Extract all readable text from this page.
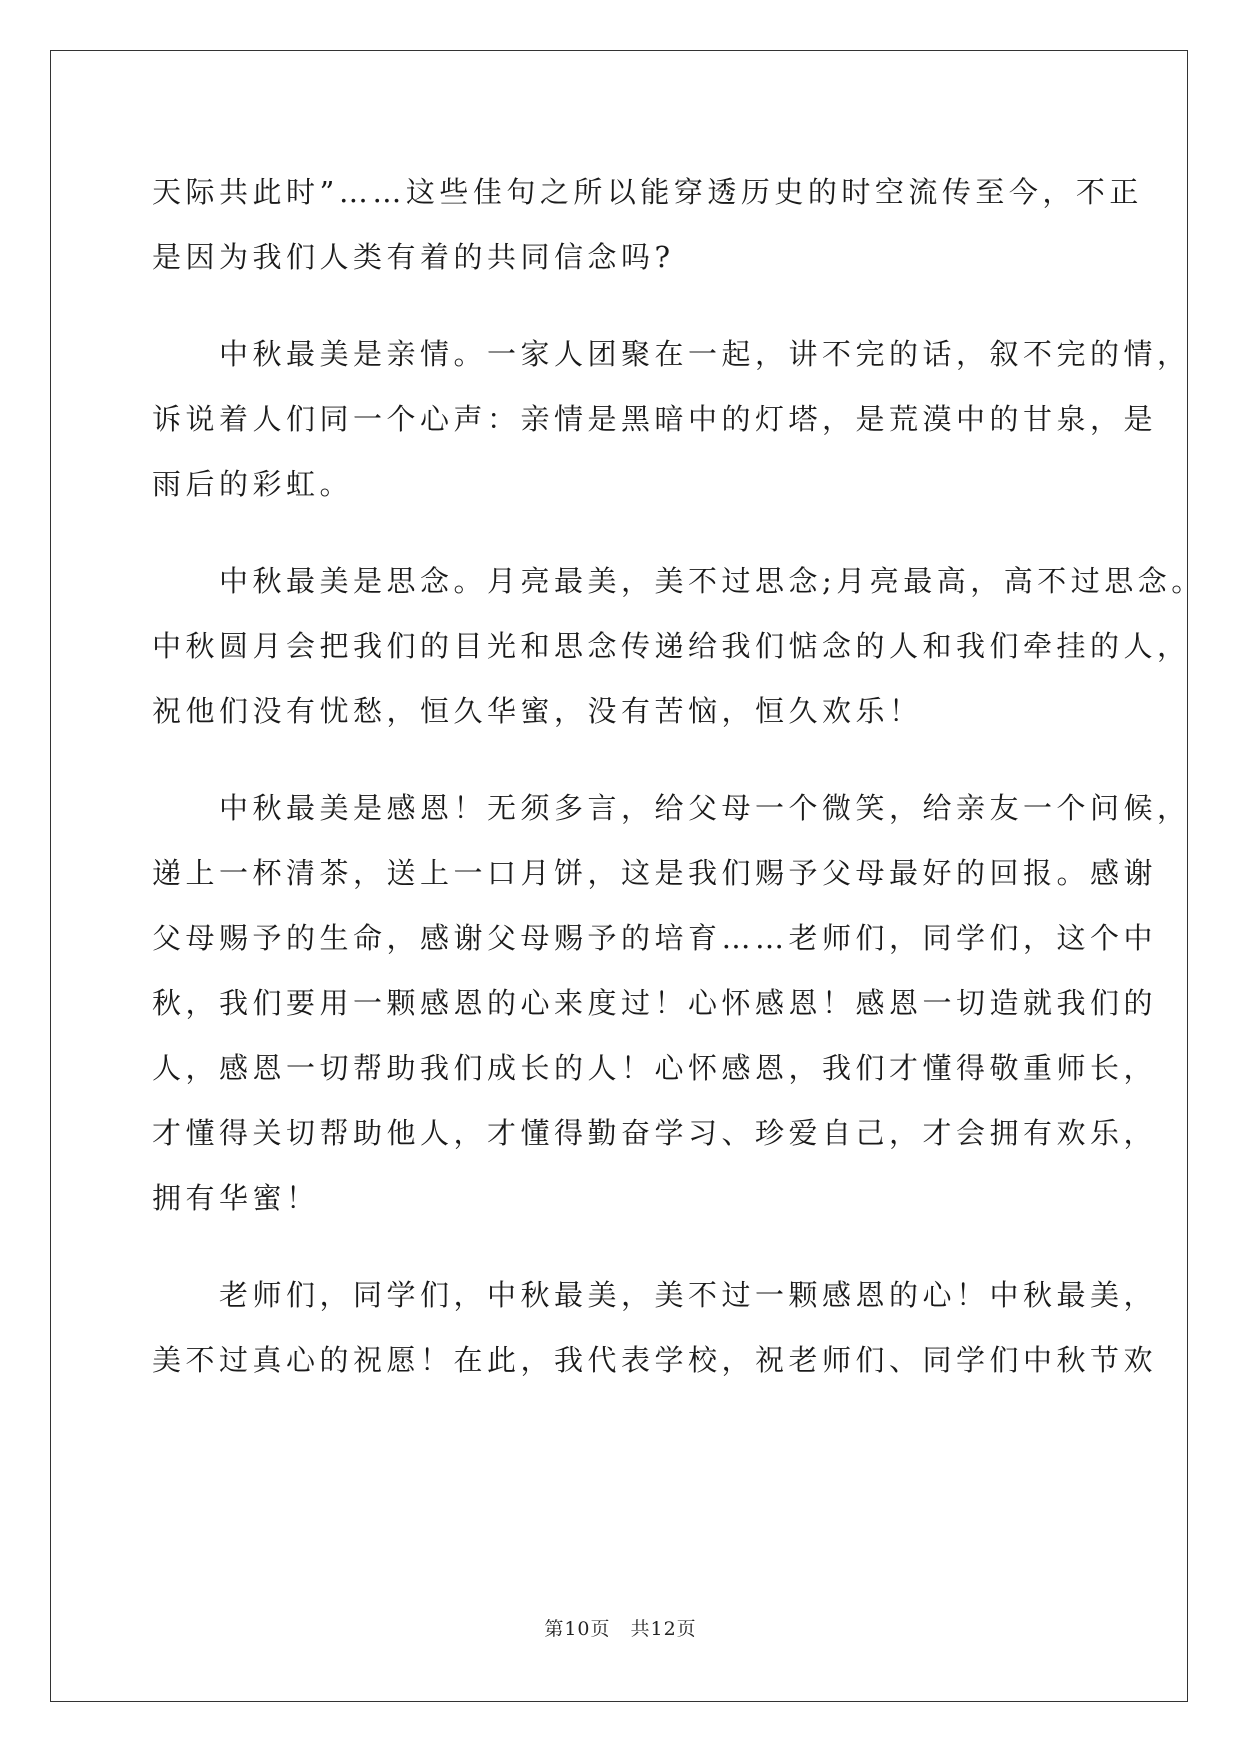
天际共此时”……这些佳句之所以能穿透历史的时空流传至今，不正
是因为我们人类有着的共同信念吗?
　　中秋最美是亲情。一家人团聚在一起，讲不完的话，叙不完的情，
诉说着人们同一个心声：亲情是黑暗中的灯塔，是荒漠中的甘泉，是
雨后的彩虹。
　　中秋最美是思念。月亮最美，美不过思念;月亮最高，高不过思念。
中秋圆月会把我们的目光和思念传递给我们惦念的人和我们牵挂的人，
祝他们没有忧愁，恒久华蜜，没有苦恼，恒久欢乐！
　　中秋最美是感恩！无须多言，给父母一个微笑，给亲友一个问候，
递上一杯清茶，送上一口月饼，这是我们赐予父母最好的回报。感谢
父母赐予的生命，感谢父母赐予的培育……老师们，同学们，这个中
秋，我们要用一颗感恩的心来度过！心怀感恩！感恩一切造就我们的
人，感恩一切帮助我们成长的人！心怀感恩，我们才懂得敬重师长，
才懂得关切帮助他人，才懂得勤奋学习、珍爱自己，才会拥有欢乐，
拥有华蜜！
　　老师们，同学们，中秋最美，美不过一颗感恩的心！中秋最美，
美不过真心的祝愿！在此，我代表学校，祝老师们、同学们中秋节欢
第10页　共12页
